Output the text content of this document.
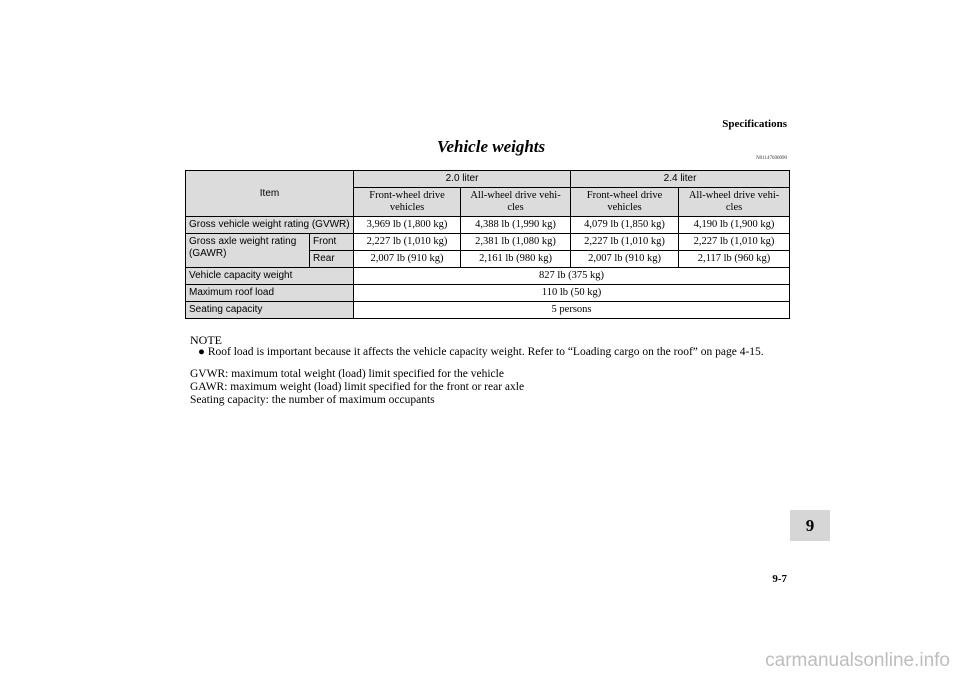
Specifications
Vehicle weights
N01147600090
Item		2.0 liter		2.4 liter	
		Front-wheel drive vehicles	All-wheel drive vehi-cles	Front-wheel drive vehicles	All-wheel drive vehi-cles
Gross vehicle weight rating (GVWR)		3,969 lb (1,800 kg)	4,388 lb (1,990 kg)	4,079 lb (1,850 kg)	4,190 lb (1,900 kg)
Gross axle weight rating (GAWR)	Front	2,227 lb (1,010 kg)	2,381 lb (1,080 kg)	2,227 lb (1,010 kg)	2,227 lb (1,010 kg)
	Rear	2,007 lb (910 kg)	2,161 lb (980 kg)	2,007 lb (910 kg)	2,117 lb (960 kg)
Vehicle capacity weight		827 lb (375 kg)			
Maximum roof load		110 lb (50 kg)			
Seating capacity		5 persons			
NOTE
● Roof load is important because it affects the vehicle capacity weight. Refer to “Loading cargo on the roof” on page 4-15.
GVWR: maximum total weight (load) limit specified for the vehicle
GAWR: maximum weight (load) limit specified for the front or rear axle
Seating capacity: the number of maximum occupants
9
9-7
carmanualsonline.info
